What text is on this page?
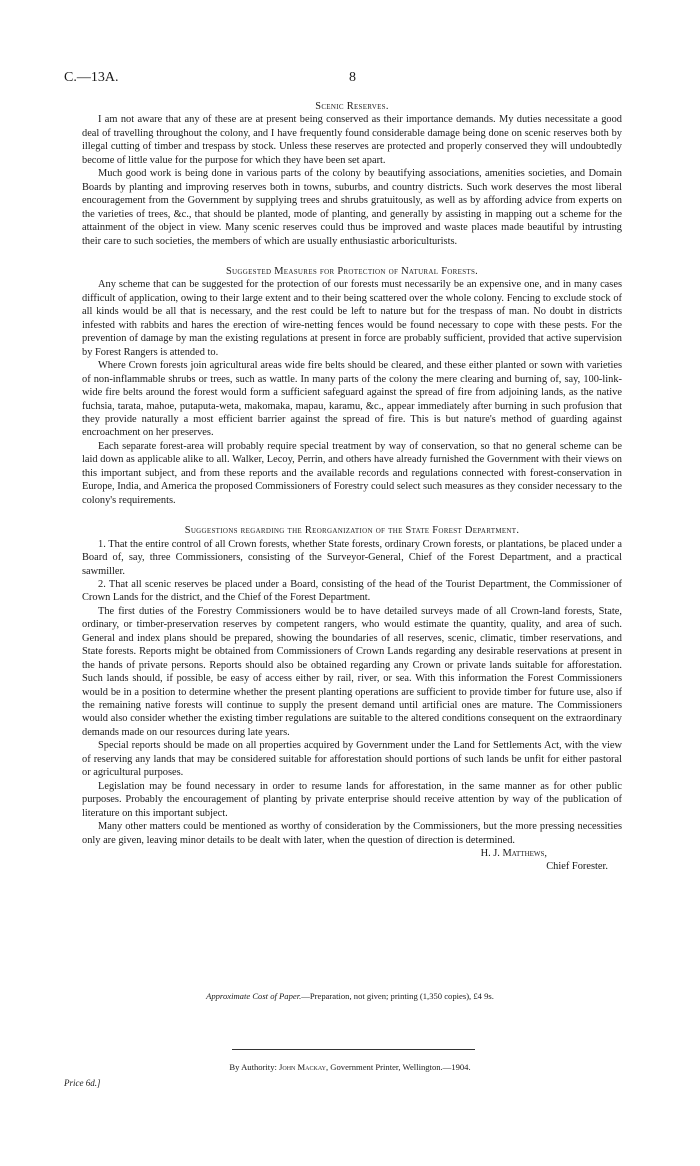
C.—13A.	8
Scenic Reserves.

I am not aware that any of these are at present being conserved as their importance demands. My duties necessitate a good deal of travelling throughout the colony, and I have frequently found considerable damage being done on scenic reserves both by illegal cutting of timber and trespass by stock. Unless these reserves are protected and properly conserved they will undoubtedly become of little value for the purpose for which they have been set apart.

Much good work is being done in various parts of the colony by beautifying associations, amenities societies, and Domain Boards by planting and improving reserves both in towns, suburbs, and country districts. Such work deserves the most liberal encouragement from the Government by supplying trees and shrubs gratuitously, as well as by affording advice from experts on the varieties of trees, &c., that should be planted, mode of planting, and generally by assisting in mapping out a scheme for the attainment of the object in view. Many scenic reserves could thus be improved and waste places made beautiful by intrusting their care to such societies, the members of which are usually enthusiastic arboriculturists.

Suggested Measures for Protection of Natural Forests.

Any scheme that can be suggested for the protection of our forests must necessarily be an expensive one, and in many cases difficult of application, owing to their large extent and to their being scattered over the whole colony. Fencing to exclude stock of all kinds would be all that is necessary, and the rest could be left to nature but for the trespass of man. No doubt in districts infested with rabbits and hares the erection of wire-netting fences would be found necessary to cope with these pests. For the prevention of damage by man the existing regulations at present in force are probably sufficient, provided that active supervision by Forest Rangers is attended to.

Where Crown forests join agricultural areas wide fire belts should be cleared, and these either planted or sown with varieties of non-inflammable shrubs or trees, such as wattle. In many parts of the colony the mere clearing and burning of, say, 100-link-wide fire belts around the forest would form a sufficient safeguard against the spread of fire from adjoining lands, as the native fuchsia, tarata, mahoe, putaputa-weta, makomaka, mapau, karamu, &c., appear immediately after burning in such profusion that they provide naturally a most efficient barrier against the spread of fire. This is but nature's method of guarding against encroachment on her preserves.

Each separate forest-area will probably require special treatment by way of conservation, so that no general scheme can be laid down as applicable alike to all. Walker, Lecoy, Perrin, and others have already furnished the Government with their views on this important subject, and from these reports and the available records and regulations connected with forest-conservation in Europe, India, and America the proposed Commissioners of Forestry could select such measures as they consider necessary to the colony's requirements.

Suggestions regarding the Reorganization of the State Forest Department.

1. That the entire control of all Crown forests, whether State forests, ordinary Crown forests, or plantations, be placed under a Board of, say, three Commissioners, consisting of the Surveyor-General, Chief of the Forest Department, and a practical sawmiller.

2. That all scenic reserves be placed under a Board, consisting of the head of the Tourist Department, the Commissioner of Crown Lands for the district, and the Chief of the Forest Department.

The first duties of the Forestry Commissioners would be to have detailed surveys made of all Crown-land forests, State, ordinary, or timber-preservation reserves by competent rangers, who would estimate the quantity, quality, and area of such. General and index plans should be prepared, showing the boundaries of all reserves, scenic, climatic, timber reservations, and State forests. Reports might be obtained from Commissioners of Crown Lands regarding any desirable reservations at present in the hands of private persons. Reports should also be obtained regarding any Crown or private lands suitable for afforestation. Such lands should, if possible, be easy of access either by rail, river, or sea. With this information the Forest Commissioners would be in a position to determine whether the present planting operations are sufficient to provide timber for future use, also if the remaining native forests will continue to supply the present demand until artificial ones are mature. The Commissioners would also consider whether the existing timber regulations are suitable to the altered conditions consequent on the extraordinary demands made on our resources during late years.

Special reports should be made on all properties acquired by Government under the Land for Settlements Act, with the view of reserving any lands that may be considered suitable for afforestation should portions of such lands be unfit for either pastoral or agricultural purposes.

Legislation may be found necessary in order to resume lands for afforestation, in the same manner as for other public purposes. Probably the encouragement of planting by private enterprise should receive attention by way of the publication of literature on this important subject.

Many other matters could be mentioned as worthy of consideration by the Commissioners, but the more pressing necessities only are given, leaving minor details to be dealt with later, when the question of direction is determined.

H. J. Matthews,
Chief Forester.
Approximate Cost of Paper.—Preparation, not given; printing (1,350 copies), £4 9s.
By Authority: John Mackay, Government Printer, Wellington.—1904.
Price 6d.]
